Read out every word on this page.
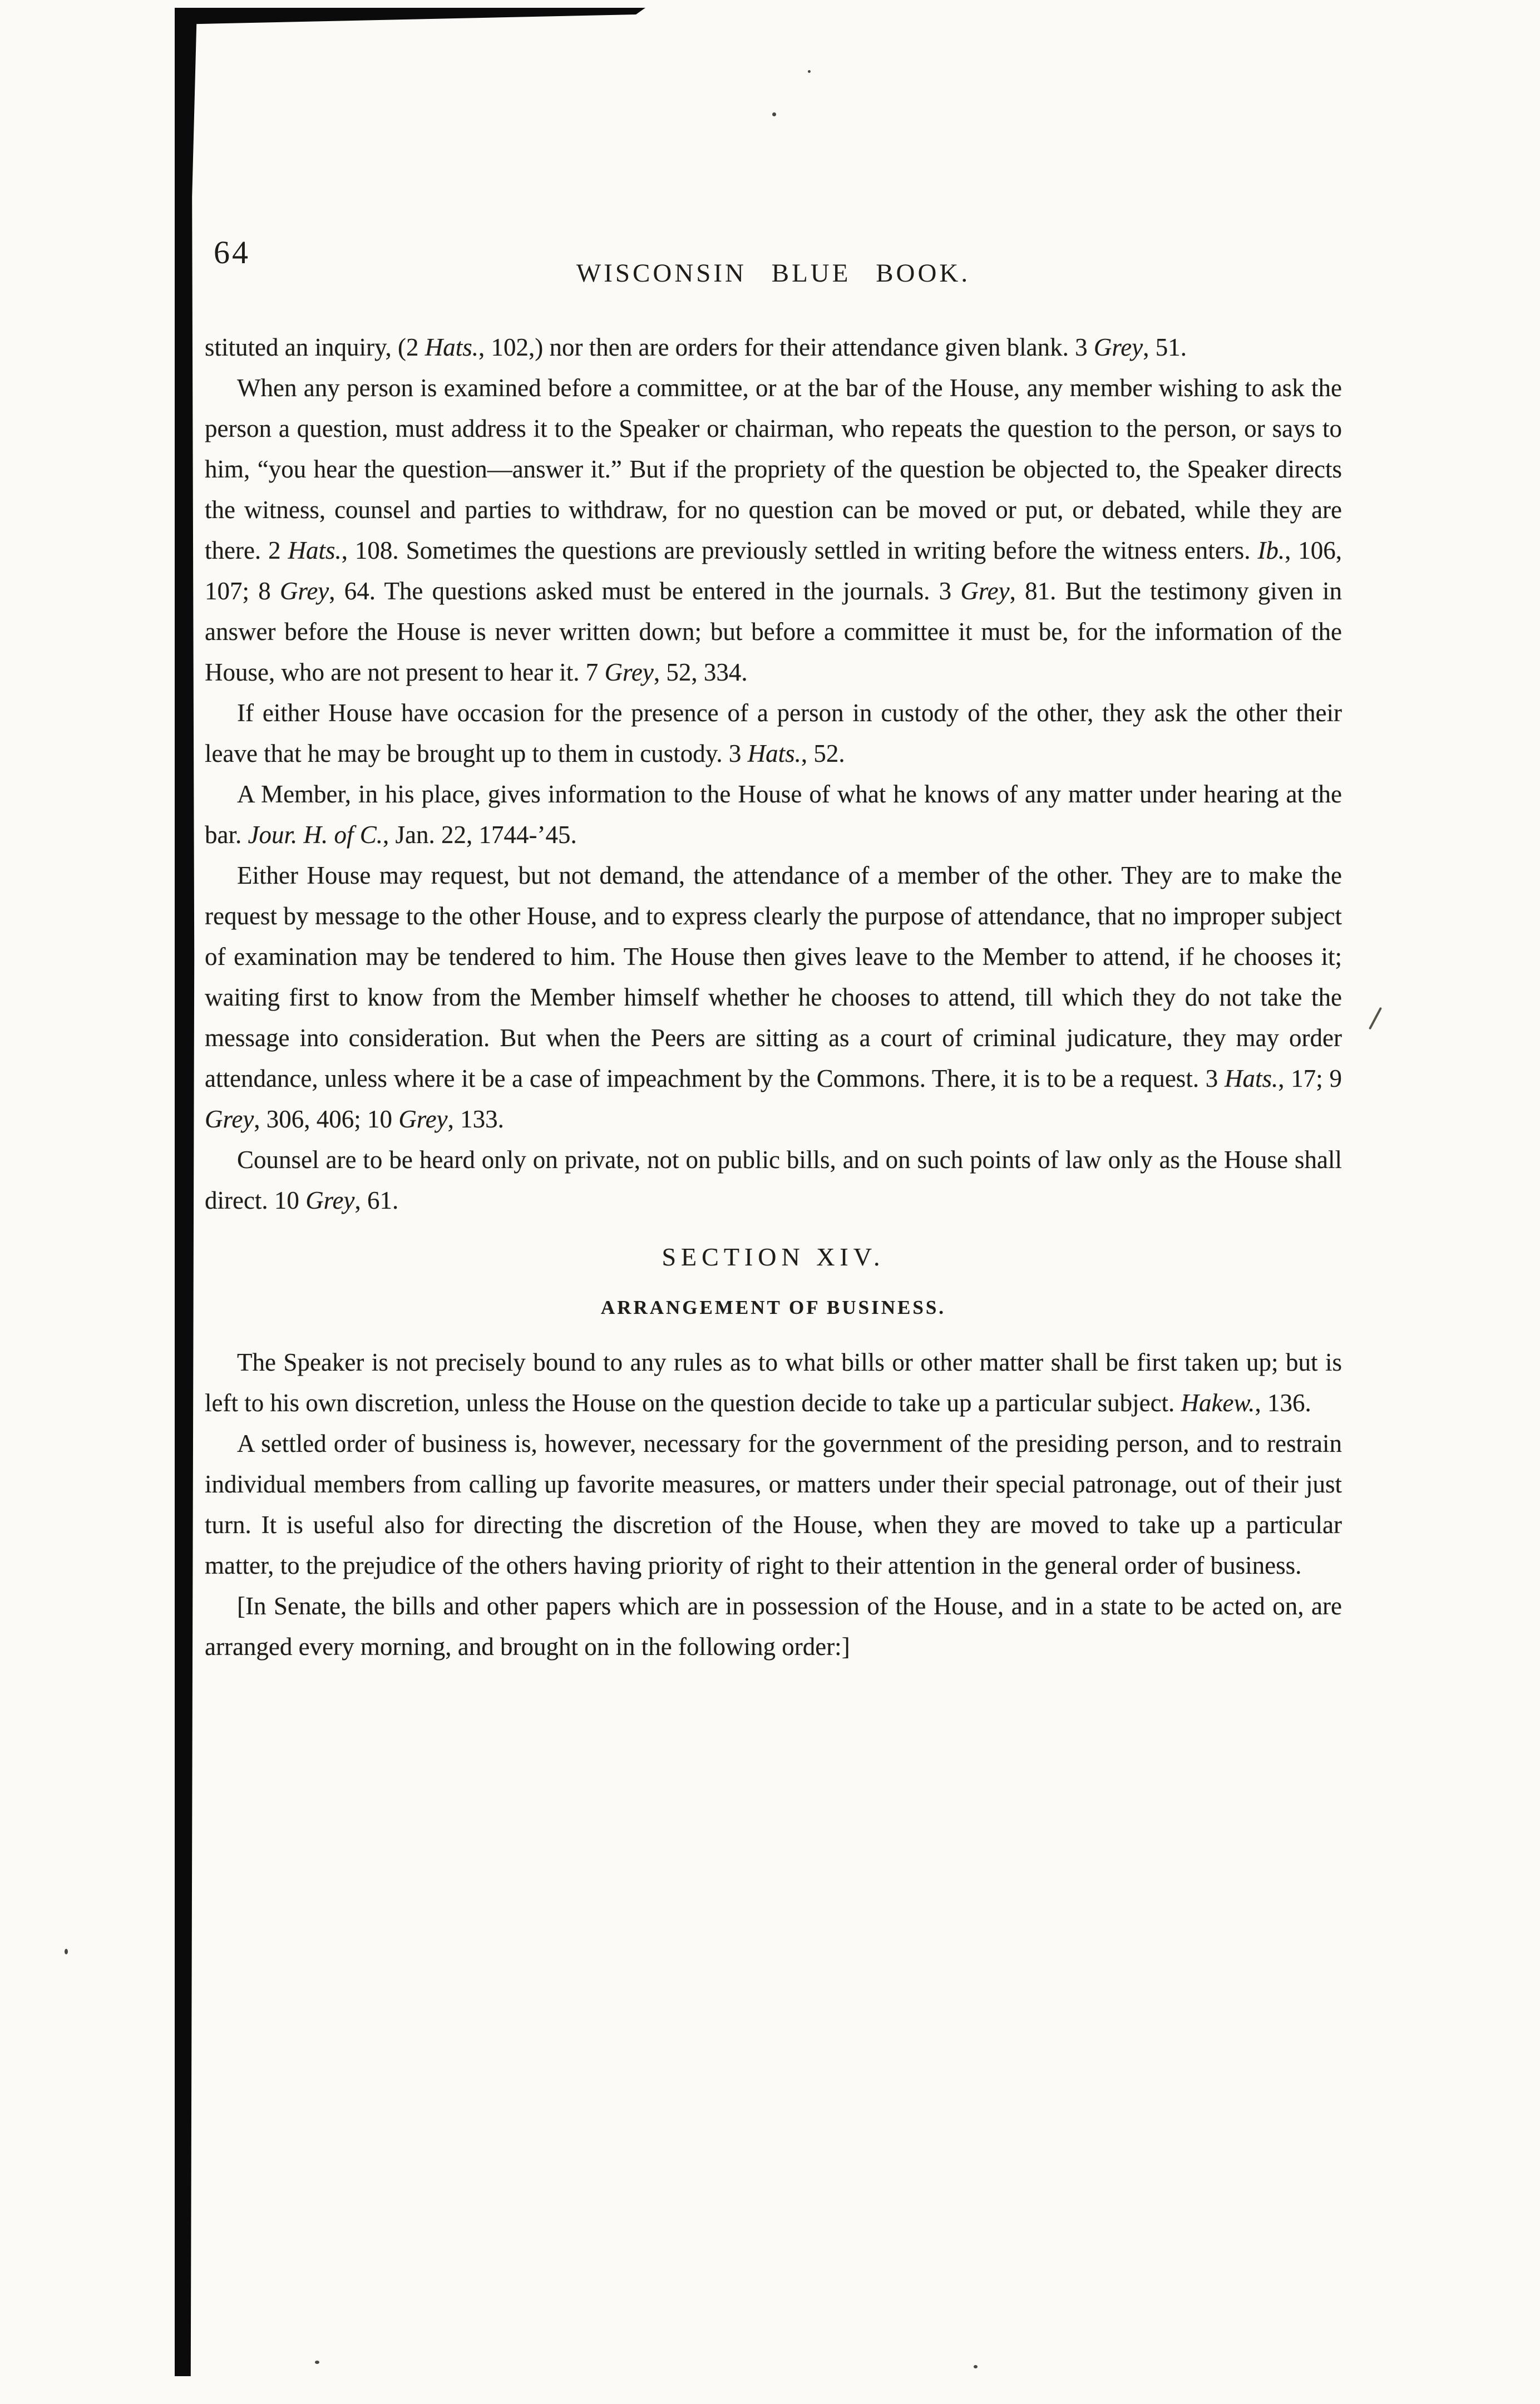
64
WISCONSIN BLUE BOOK.

stituted an inquiry, (2 Hats., 102,) nor then are orders for their attendance given blank. 3 Grey, 51.

When any person is examined before a committee, or at the bar of the House, any member wishing to ask the person a question, must address it to the Speaker or chairman, who repeats the question to the person, or says to him, “you hear the question—answer it.” But if the propriety of the question be objected to, the Speaker directs the witness, counsel and parties to withdraw, for no question can be moved or put, or debated, while they are there. 2 Hats., 108. Sometimes the questions are previously settled in writing before the witness enters. Ib., 106, 107; 8 Grey, 64. The questions asked must be entered in the journals. 3 Grey, 81. But the testimony given in answer before the House is never written down; but before a committee it must be, for the information of the House, who are not present to hear it. 7 Grey, 52, 334.

If either House have occasion for the presence of a person in custody of the other, they ask the other their leave that he may be brought up to them in custody. 3 Hats., 52.

A Member, in his place, gives information to the House of what he knows of any matter under hearing at the bar. Jour. H. of C., Jan. 22, 1744-’45.

Either House may request, but not demand, the attendance of a member of the other. They are to make the request by message to the other House, and to express clearly the purpose of attendance, that no improper subject of examination may be tendered to him. The House then gives leave to the Member to attend, if he chooses it; waiting first to know from the Member himself whether he chooses to attend, till which they do not take the message into consideration. But when the Peers are sitting as a court of criminal judicature, they may order attendance, unless where it be a case of impeachment by the Commons. There, it is to be a request. 3 Hats., 17; 9 Grey, 306, 406; 10 Grey, 133.

Counsel are to be heard only on private, not on public bills, and on such points of law only as the House shall direct. 10 Grey, 61.

SECTION XIV.
ARRANGEMENT OF BUSINESS.

The Speaker is not precisely bound to any rules as to what bills or other matter shall be first taken up; but is left to his own discretion, unless the House on the question decide to take up a particular subject. Hakew., 136.

A settled order of business is, however, necessary for the government of the presiding person, and to restrain individual members from calling up favorite measures, or matters under their special patronage, out of their just turn. It is useful also for directing the discretion of the House, when they are moved to take up a particular matter, to the prejudice of the others having priority of right to their attention in the general order of business.

[In Senate, the bills and other papers which are in possession of the House, and in a state to be acted on, are arranged every morning, and brought on in the following order:]
